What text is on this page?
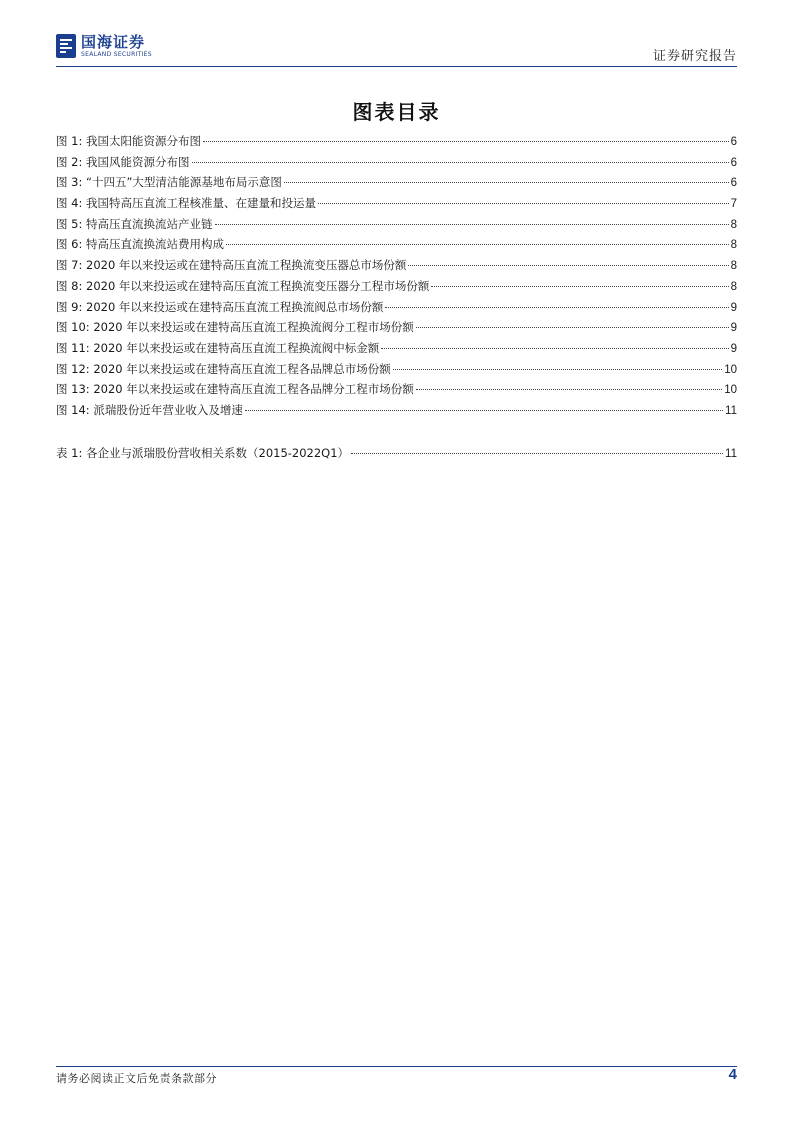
国海证券
SEALAND SECURITIES	证券研究报告
图表目录
图 1: 我国太阳能资源分布图	6
图 2: 我国风能资源分布图	6
图 3: “十四五”大型清洁能源基地布局示意图	6
图 4: 我国特高压直流工程核准量、在建量和投运量	7
图 5: 特高压直流换流站产业链	8
图 6: 特高压直流换流站费用构成	8
图 7: 2020 年以来投运或在建特高压直流工程换流变压器总市场份额	8
图 8: 2020 年以来投运或在建特高压直流工程换流变压器分工程市场份额	8
图 9: 2020 年以来投运或在建特高压直流工程换流阀总市场份额	9
图 10: 2020 年以来投运或在建特高压直流工程换流阀分工程市场份额	9
图 11: 2020 年以来投运或在建特高压直流工程换流阀中标金额	9
图 12: 2020 年以来投运或在建特高压直流工程各品牌总市场份额	10
图 13: 2020 年以来投运或在建特高压直流工程各品牌分工程市场份额	10
图 14: 派瑞股份近年营业收入及增速	11
表 1: 各企业与派瑞股份营收相关系数（2015-2022Q1）	11
请务必阅读正文后免责条款部分	4
